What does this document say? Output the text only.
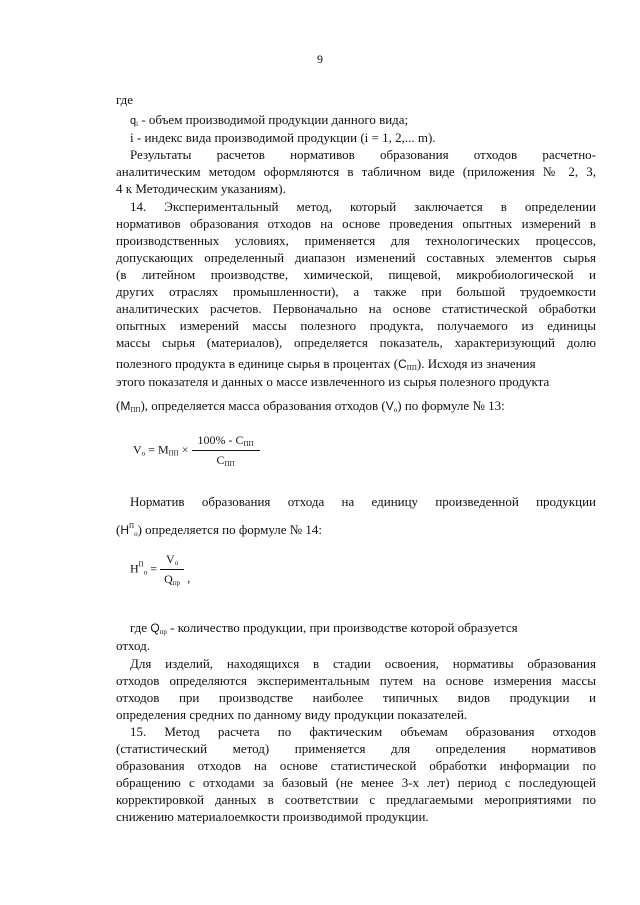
9
где
$q_i$ - объем производимой продукции данного вида;
i - индекс вида производимой продукции (i = 1, 2,... m).
Результаты расчетов нормативов образования отходов расчетно-
аналитическим методом оформляются в табличном виде (приложения № 2, 3,
4 к Методическим указаниям).
14. Экспериментальный метод, который заключается в определении
нормативов образования отходов на основе проведения опытных измерений в
производственных условиях, применяется для технологических процессов,
допускающих определенный диапазон изменений составных элементов сырья
(в литейном производстве, химической, пищевой, микробиологической и
других отраслях промышленности), а также при большой трудоемкости
аналитических расчетов. Первоначально на основе статистической обработки
опытных измерений массы полезного продукта, получаемого из единицы
массы сырья (материалов), определяется показатель, характеризующий долю
полезного продукта в единице сырья в процентах $(С_{ПП})$. Исходя из значения
этого показателя и данных о массе извлеченного из сырья полезного продукта
$(М_{ПП})$, определяется масса образования отходов $(V_о)$ по формуле № 13:
$V_о = М_{ПП} \times \frac{100\% - С_{ПП}}{С_{ПП}}$
Норматив образования отхода на единицу произведенной продукции
$(Н^П_о)$ определяется по формуле № 14:
$Н^П_о = \frac{V_о}{Q_{пр}}$ ,
где $Q_{пр}$ - количество продукции, при производстве которой образуется
отход.
Для изделий, находящихся в стадии освоения, нормативы образования
отходов определяются экспериментальным путем на основе измерения массы
отходов при производстве наиболее типичных видов продукции и
определения средних по данному виду продукции показателей.
15. Метод расчета по фактическим объемам образования отходов
(статистический метод) применяется для определения нормативов
образования отходов на основе статистической обработки информации по
обращению с отходами за базовый (не менее 3-х лет) период с последующей
корректировкой данных в соответствии с предлагаемыми мероприятиями по
снижению материалоемкости производимой продукции.
